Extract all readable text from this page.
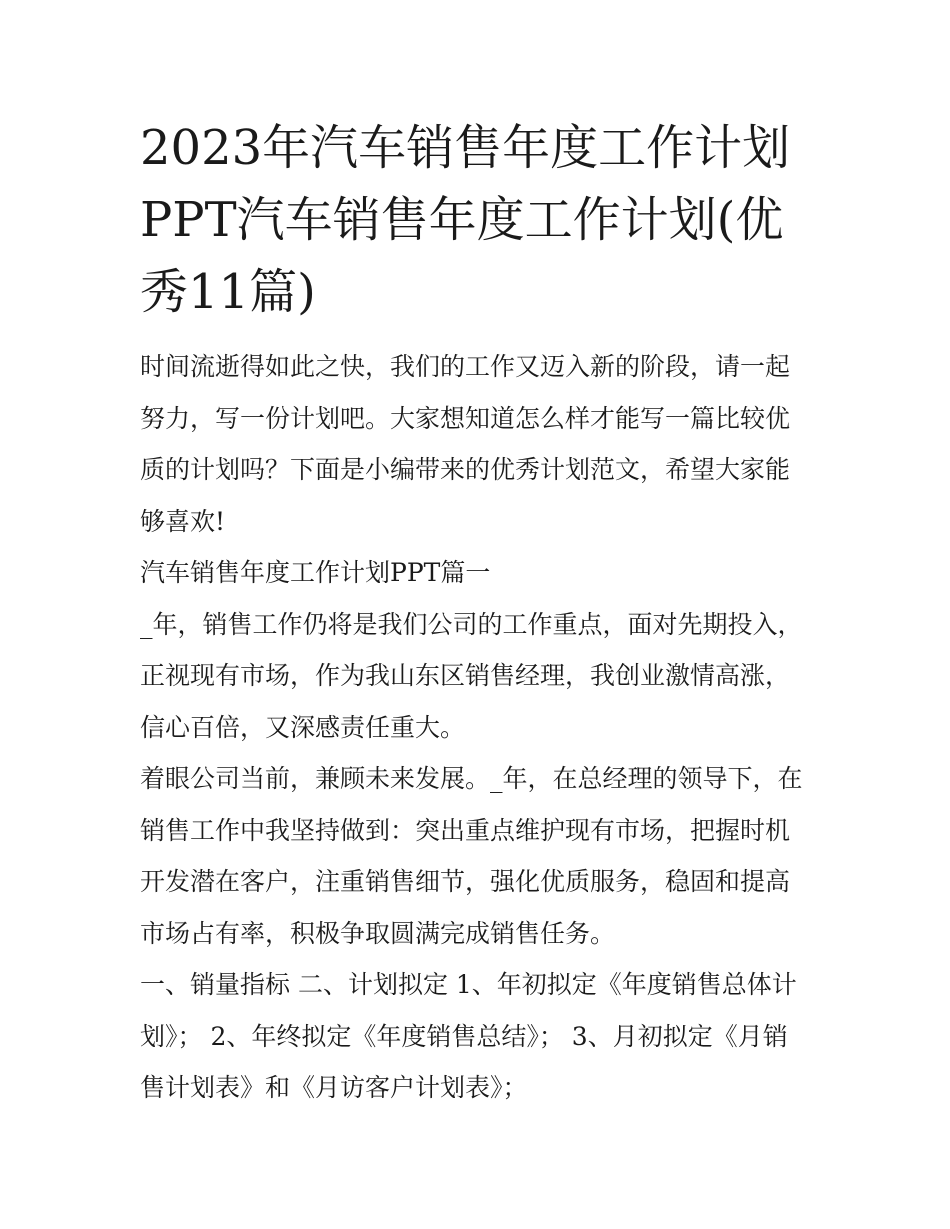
2023年汽车销售年度工作计划PPT汽车销售年度工作计划(优秀11篇)

时间流逝得如此之快，我们的工作又迈入新的阶段，请一起努力，写一份计划吧。大家想知道怎么样才能写一篇比较优质的计划吗？下面是小编带来的优秀计划范文，希望大家能够喜欢!

汽车销售年度工作计划PPT篇一

_年，销售工作仍将是我们公司的工作重点，面对先期投入，正视现有市场，作为我山东区销售经理，我创业激情高涨，信心百倍，又深感责任重大。

着眼公司当前，兼顾未来发展。_年，在总经理的领导下，在销售工作中我坚持做到：突出重点维护现有市场，把握时机开发潜在客户，注重销售细节，强化优质服务，稳固和提高市场占有率，积极争取圆满完成销售任务。

一、销量指标 二、计划拟定 1、年初拟定《年度销售总体计划》； 2、年终拟定《年度销售总结》； 3、月初拟定《月销售计划表》和《月访客户计划表》；
